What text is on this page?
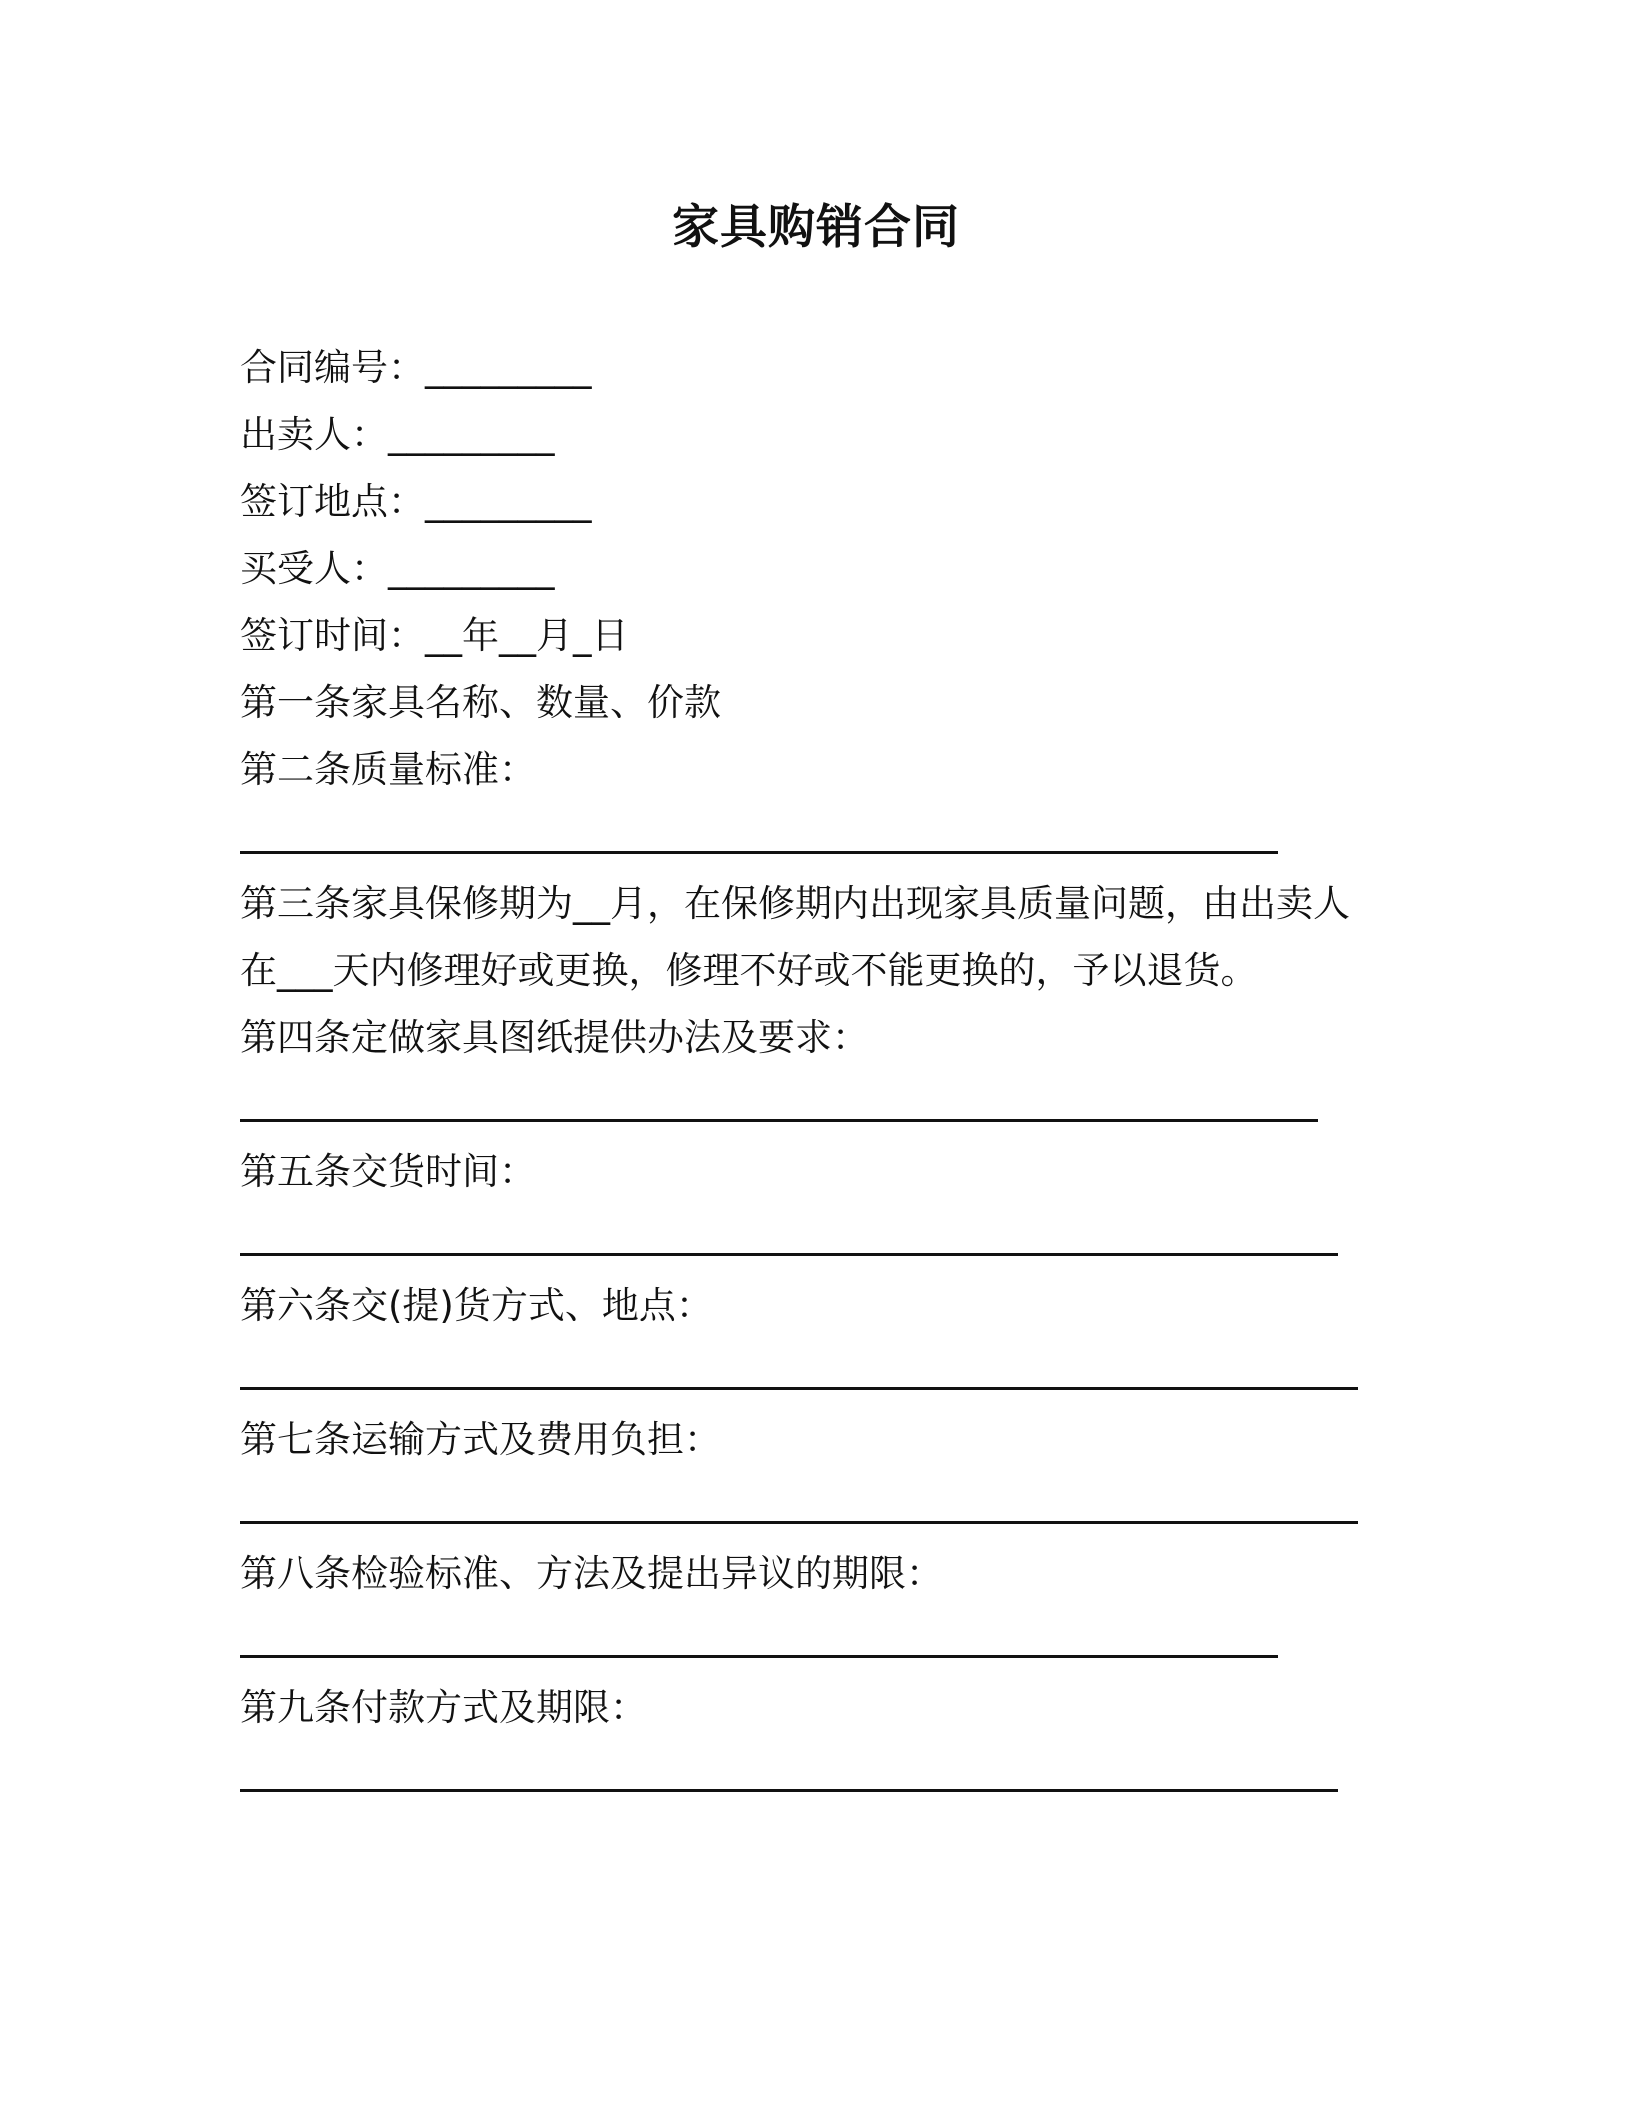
家具购销合同

合同编号：_________

出卖人：_________

签订地点：_________

买受人：_________

签订时间：__年__月_日

第一条家具名称、数量、价款

第二条质量标准：

第三条家具保修期为__月，在保修期内出现家具质量问题，由出卖人

在___天内修理好或更换，修理不好或不能更换的，予以退货。

第四条定做家具图纸提供办法及要求：

第五条交货时间：

第六条交(提)货方式、地点：

第七条运输方式及费用负担：

第八条检验标准、方法及提出异议的期限：

第九条付款方式及期限：
